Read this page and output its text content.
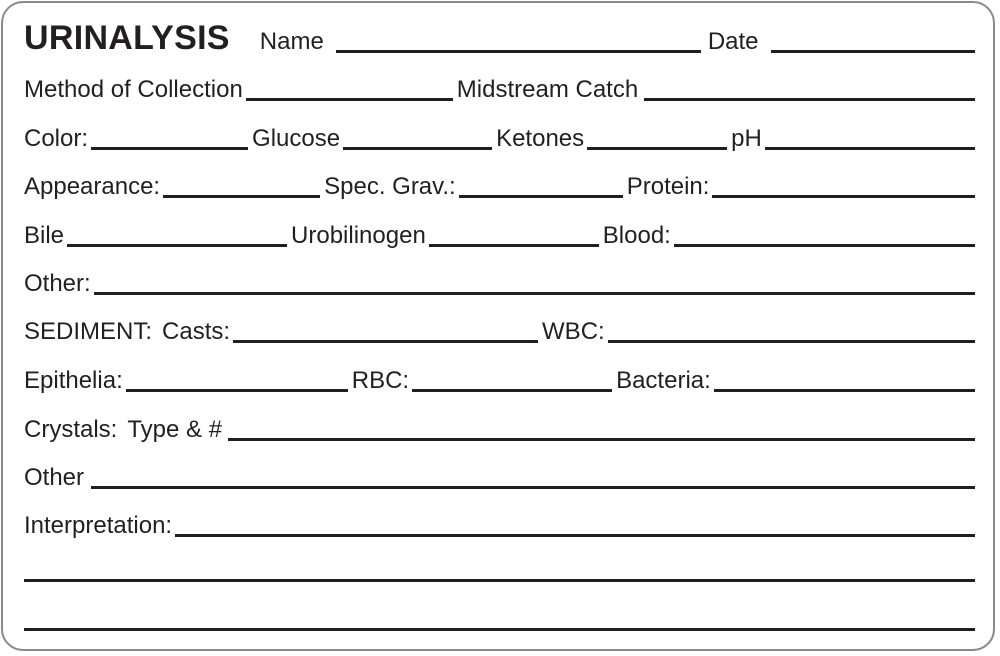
URINALYSIS Name	Date
Method of Collection	Midstream Catch
Color:	Glucose	Ketones	pH
Appearance:	Spec. Grav.:	Protein:
Bile	Urobilinogen	Blood:
Other:
SEDIMENT: Casts:	WBC:
Epithelia:	RBC:	Bacteria:
Crystals: Type & #
Other
Interpretation:
